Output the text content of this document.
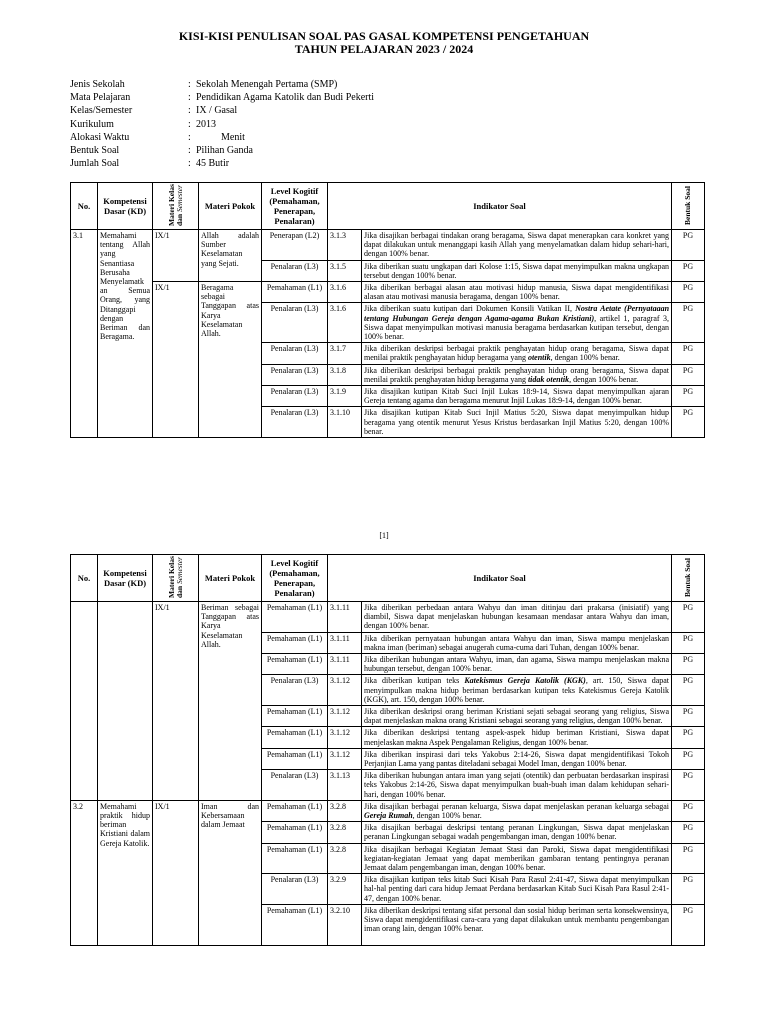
KISI-KISI PENULISAN SOAL PAS GASAL KOMPETENSI PENGETAHUAN
TAHUN PELAJARAN 2023 / 2024
Jenis Sekolah	: Sekolah Menengah Pertama (SMP)
Mata Pelajaran	: Pendidikan Agama Katolik dan Budi Pekerti
Kelas/Semester	: IX / Gasal
Kurikulum	: 2013
Alokasi Waktu	: Menit
Bentuk Soal	: Pilihan Ganda
Jumlah Soal	: 45 Butir
No.	Kompetensi Dasar (KD)	Materi Kelas dan Semester	Materi Pokok	Level Kogitif (Pemahaman, Penerapan, Penalaran)	Indikator Soal		Bentuk Soal
3.1	Memahami tentang Allah yang Senantiasa Berusaha Menyelamatk an Semua Orang, yang Ditanggapi dengan Beriman dan Beragama.	IX/1	Allah adalah Sumber Keselamatan yang Sejati.	Penerapan (L2)	3.1.3	Jika disajikan berbagai tindakan orang beragama, Siswa dapat menerapkan cara konkret yang dapat dilakukan untuk menanggapi kasih Allah yang menyelamatkan dalam hidup sehari-hari, dengan 100% benar.	PG
				Penalaran (L3)	3.1.5	Jika diberikan suatu ungkapan dari Kolose 1:15, Siswa dapat menyimpulkan makna ungkapan tersebut dengan 100% benar.	PG
		IX/1	Beragama sebagai Tanggapan atas Karya Keselamatan Allah.	Pemahaman (L1)	3.1.6	Jika diberikan berbagai alasan atau motivasi hidup manusia, Siswa dapat mengidentifikasi alasan atau motivasi manusia beragama, dengan 100% benar.	PG
				Penalaran (L3)	3.1.6	Jika diberikan suatu kutipan dari Dokumen Konsili Vatikan II, Nostra Aetate (Pernyataaan tentang Hubungan Gereja dengan Agama-agama Bukan Kristiani), artikel 1, paragraf 3, Siswa dapat menyimpulkan motivasi manusia beragama berdasarkan kutipan tersebut, dengan 100% benar.	PG
				Penalaran (L3)	3.1.7	Jika diberikan deskripsi berbagai praktik penghayatan hidup orang beragama, Siswa dapat menilai praktik penghayatan hidup beragama yang otentik, dengan 100% benar.	PG
				Penalaran (L3)	3.1.8	Jika diberikan deskripsi berbagai praktik penghayatan hidup orang beragama, Siswa dapat menilai praktik penghayatan hidup beragama yang tidak otentik, dengan 100% benar.	PG
				Penalaran (L3)	3.1.9	Jika disajikan kutipan Kitab Suci Injil Lukas 18:9-14, Siswa dapat menyimpulkan ajaran Gereja tentang agama dan beragama menurut Injil Lukas 18:9-14, dengan 100% benar.	PG
				Penalaran (L3)	3.1.10	Jika disajikan kutipan Kitab Suci Injil Matius 5:20, Siswa dapat menyimpulkan hidup beragama yang otentik menurut Yesus Kristus berdasarkan Injil Matius 5:20, dengan 100% benar.	PG
[1]
No.	Kompetensi Dasar (KD)	Materi Kelas dan Semester	Materi Pokok	Level Kogitif (Pemahaman, Penerapan, Penalaran)	Indikator Soal		Bentuk Soal
		IX/1	Beriman sebagai Tanggapan atas Karya Keselamatan Allah.	Pemahaman (L1)	3.1.11	Jika diberikan perbedaan antara Wahyu dan iman ditinjau dari prakarsa (inisiatif) yang diambil, Siswa dapat menjelaskan hubungan kesamaan mendasar antara Wahyu dan iman, dengan 100% benar.	PG
				Pemahaman (L1)	3.1.11	Jika diberikan pernyataan hubungan antara Wahyu dan iman, Siswa mampu menjelaskan makna iman (beriman) sebagai anugerah cuma-cuma dari Tuhan, dengan 100% benar.	PG
				Pemahaman (L1)	3.1.11	Jika diberikan hubungan antara Wahyu, iman, dan agama, Siswa mampu menjelaskan makna hubungan tersebut, dengan 100% benar.	PG
				Penalaran (L3)	3.1.12	Jika diberikan kutipan teks Katekismus Gereja Katolik (KGK), art. 150, Siswa dapat menyimpulkan makna hidup beriman berdasarkan kutipan teks Katekismus Gereja Katolik (KGK), art. 150, dengan 100% benar.	PG
				Pemahaman (L1)	3.1.12	Jika diberikan deskripsi orang beriman Kristiani sejati sebagai seorang yang religius, Siswa dapat menjelaskan makna orang Kristiani sebagai seorang yang religius, dengan 100% benar.	PG
				Pemahaman (L1)	3.1.12	Jika diberikan deskripsi tentang aspek-aspek hidup beriman Kristiani, Siswa dapat menjelaskan makna Aspek Pengalaman Religius, dengan 100% benar.	PG
				Pemahaman (L1)	3.1.12	Jika diberikan inspirasi dari teks Yakobus 2:14-26, Siswa dapat mengidentifikasi Tokoh Perjanjian Lama yang pantas diteladani sebagai Model Iman, dengan 100% benar.	PG
				Penalaran (L3)	3.1.13	Jika diberikan hubungan antara iman yang sejati (otentik) dan perbuatan berdasarkan inspirasi teks Yakobus 2:14-26, Siswa dapat menyimpulkan buah-buah iman dalam kehidupan sehari-hari, dengan 100% benar.	PG
3.2	Memahami praktik hidup beriman Kristiani dalam Gereja Katolik.	IX/1	Iman dan Kebersamaan dalam Jemaat	Pemahaman (L1)	3.2.8	Jika disajikan berbagai peranan keluarga, Siswa dapat menjelaskan peranan keluarga sebagai Gereja Rumah, dengan 100% benar.	PG
				Pemahaman (L1)	3.2.8	Jika disajikan berbagai deskripsi tentang peranan Lingkungan, Siswa dapat menjelaskan peranan Lingkungan sebagai wadah pengembangan iman, dengan 100% benar.	PG
				Pemahaman (L1)	3.2.8	Jika disajikan berbagai Kegiatan Jemaat Stasi dan Paroki, Siswa dapat mengidentifikasi kegiatan-kegiatan Jemaat yang dapat memberikan gambaran tentang pentingnya peranan Jemaat dalam pengembangan iman, dengan 100% benar.	PG
				Penalaran (L3)	3.2.9	Jika disajikan kutipan teks kitab Suci Kisah Para Rasul 2:41-47, Siswa dapat menyimpulkan hal-hal penting dari cara hidup Jemaat Perdana berdasarkan Kitab Suci Kisah Para Rasul 2:41-47, dengan 100% benar.	PG
				Pemahaman (L1)	3.2.10	Jika diberikan deskripsi tentang sifat personal dan sosial hidup beriman serta konsekwensinya, Siswa dapat mengidentifikasi cara-cara yang dapat dilakukan untuk membantu pengembangan iman orang lain, dengan 100% benar.	PG
